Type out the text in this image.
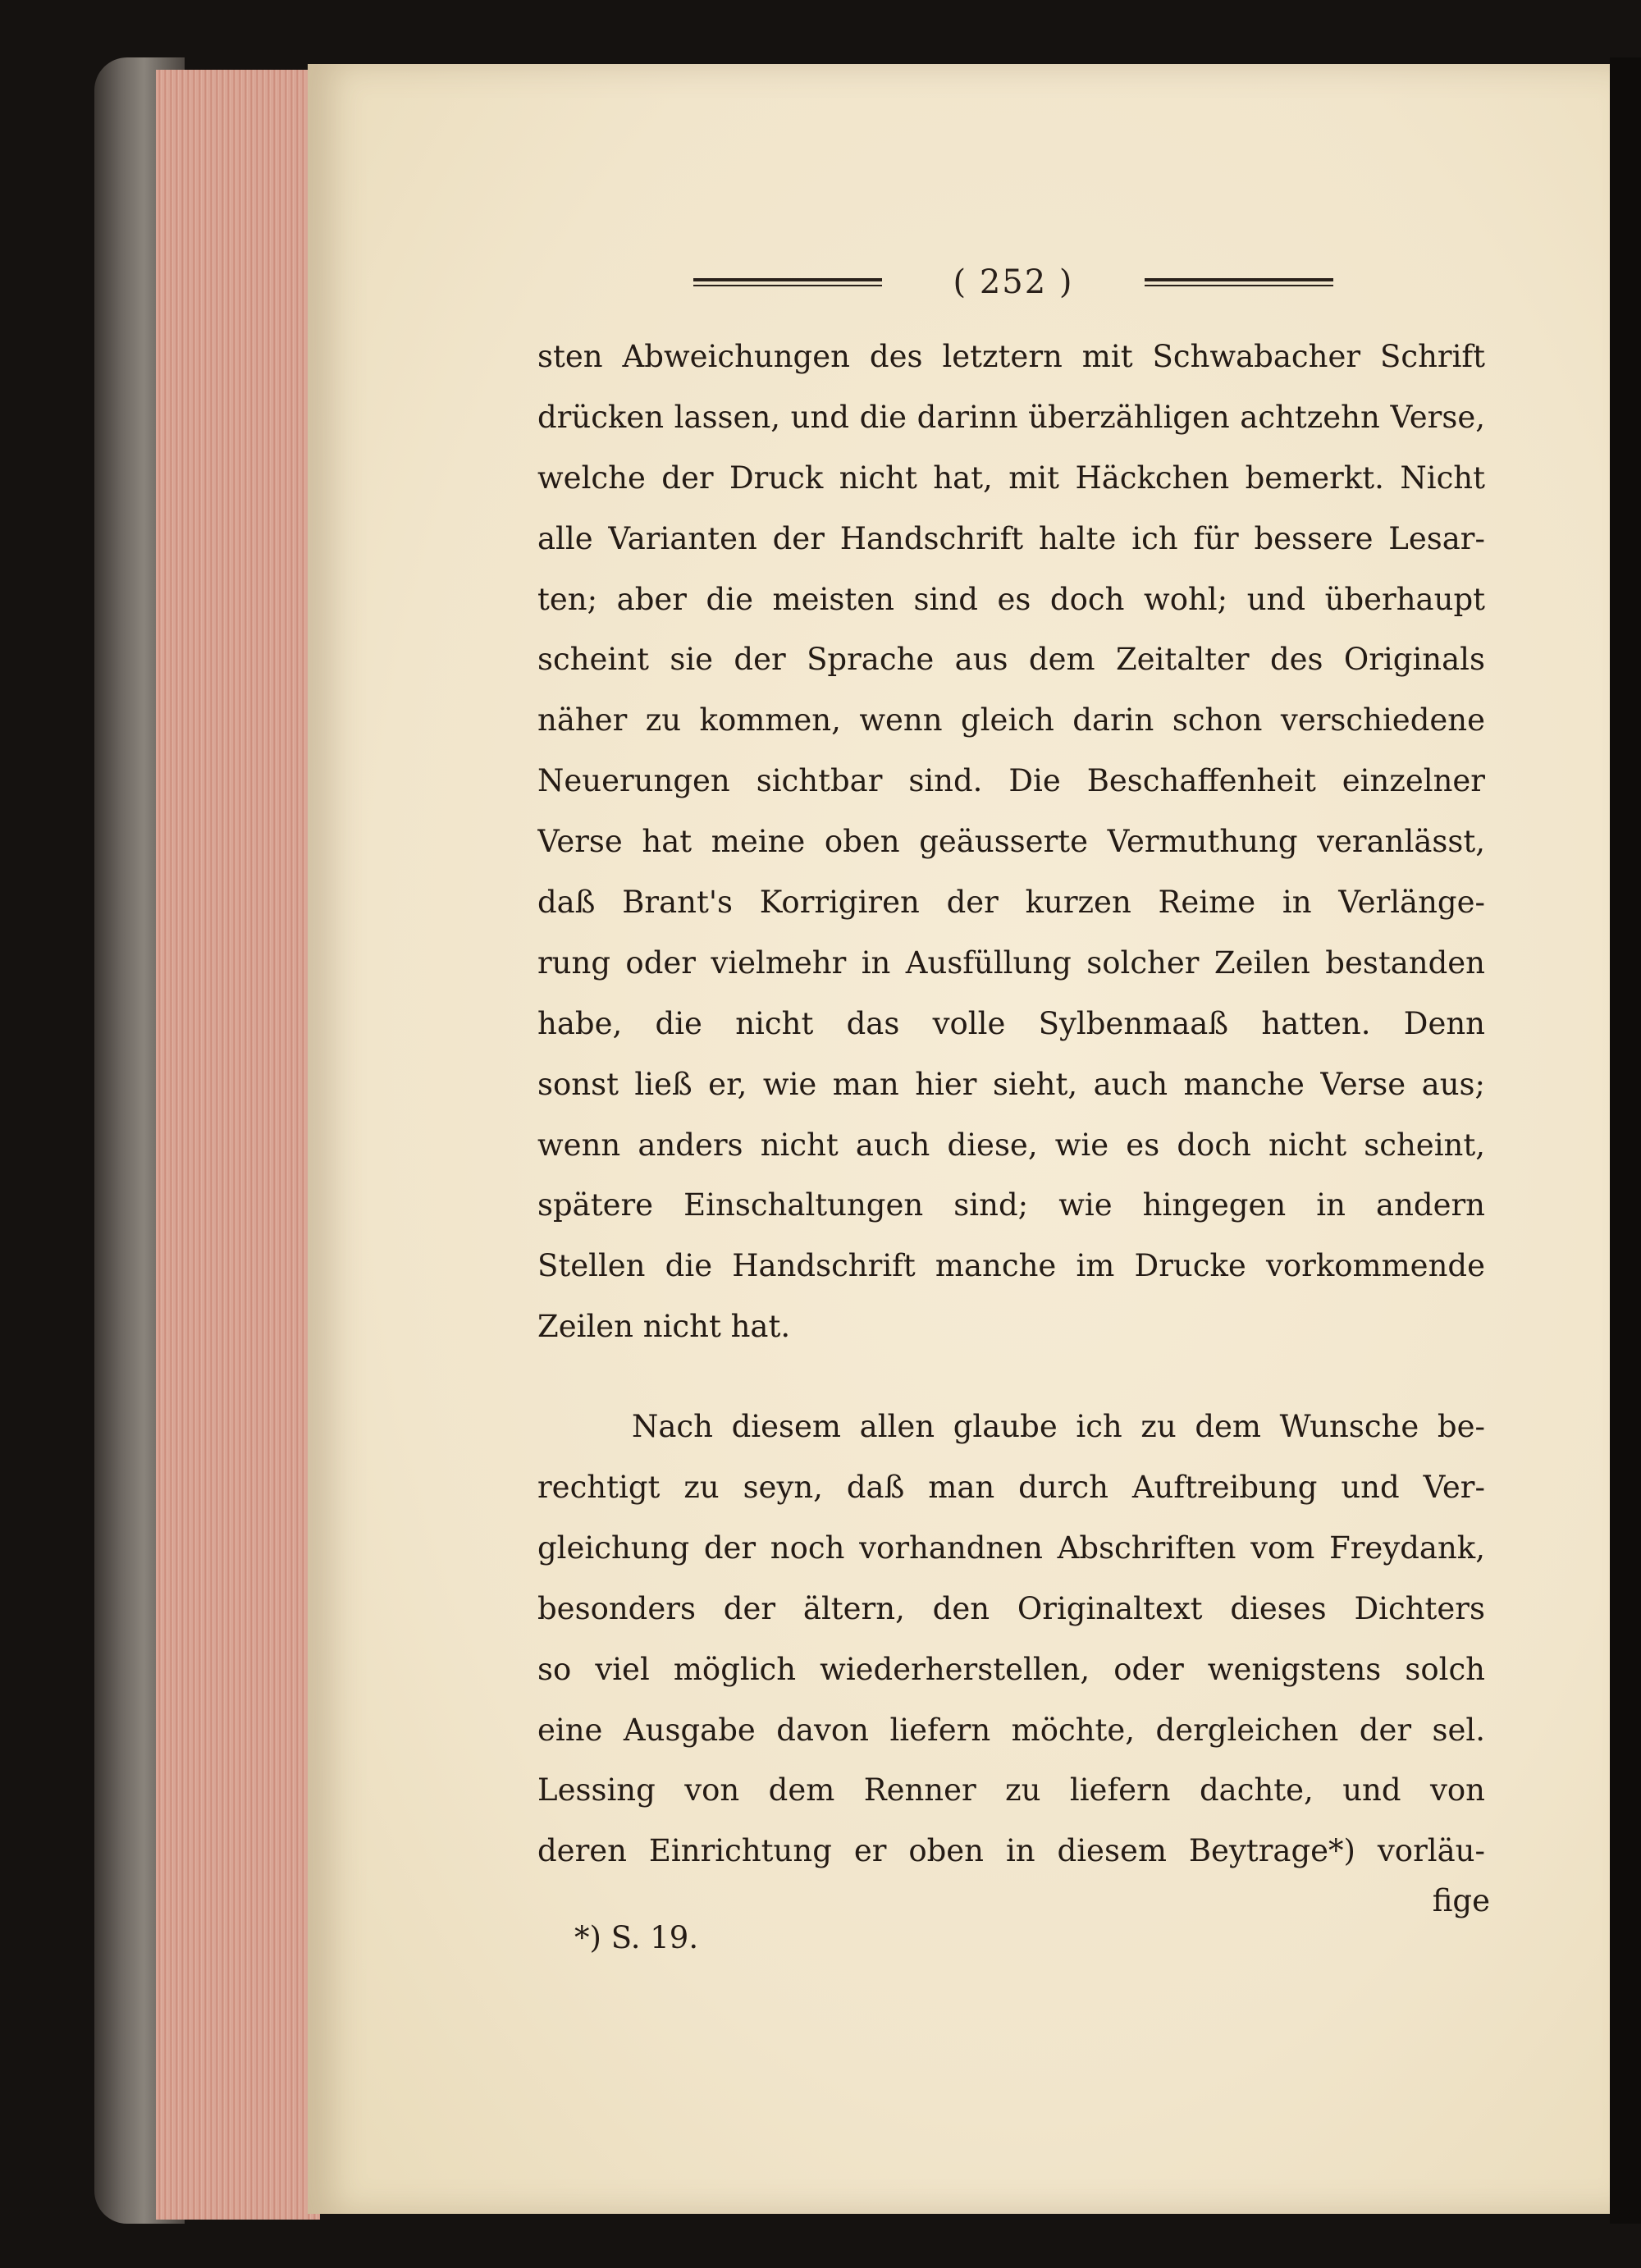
( 252 )
sten Abweichungen des letztern mit Schwabacher Schrift
drücken lassen, und die darinn überzähligen achtzehn Verse,
welche der Druck nicht hat, mit Häckchen bemerkt. Nicht
alle Varianten der Handschrift halte ich für bessere Lesar-
ten; aber die meisten sind es doch wohl; und überhaupt
scheint sie der Sprache aus dem Zeitalter des Originals
näher zu kommen, wenn gleich darin schon verschiedene
Neuerungen sichtbar sind. Die Beschaffenheit einzelner
Verse hat meine oben geäusserte Vermuthung veranlässt,
daß Brant's Korrigiren der kurzen Reime in Verlänge-
rung oder vielmehr in Ausfüllung solcher Zeilen bestanden
habe, die nicht das volle Sylbenmaaß hatten. Denn
sonst ließ er, wie man hier sieht, auch manche Verse aus;
wenn anders nicht auch diese, wie es doch nicht scheint,
spätere Einschaltungen sind; wie hingegen in andern
Stellen die Handschrift manche im Drucke vorkommende
Zeilen nicht hat.
Nach diesem allen glaube ich zu dem Wunsche be-
rechtigt zu seyn, daß man durch Auftreibung und Ver-
gleichung der noch vorhandnen Abschriften vom Freydank,
besonders der ältern, den Originaltext dieses Dichters
so viel möglich wiederherstellen, oder wenigstens solch
eine Ausgabe davon liefern möchte, dergleichen der sel.
Lessing von dem Renner zu liefern dachte, und von
deren Einrichtung er oben in diesem Beytrage*) vorläu-
fige
*) S. 19.
